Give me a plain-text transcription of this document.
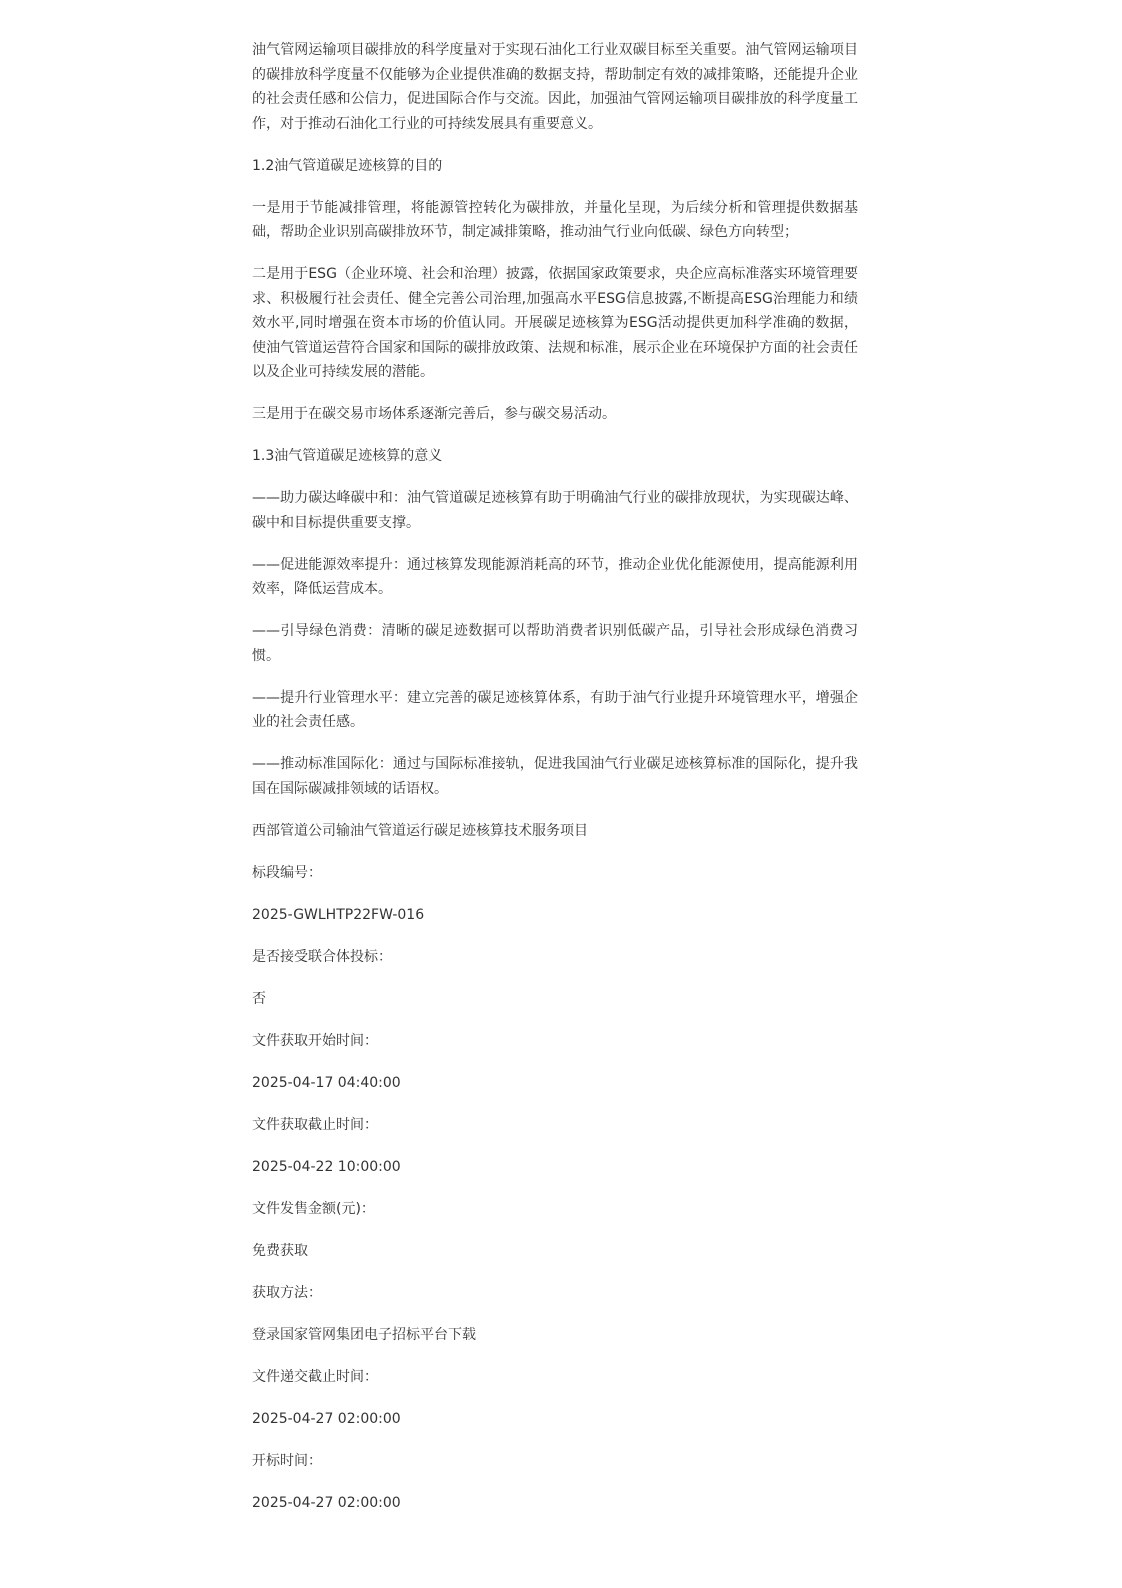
油气管网运输项目碳排放的科学度量对于实现石油化工行业双碳目标至关重要。油气管网运输项目的碳排放科学度量不仅能够为企业提供准确的数据支持，帮助制定有效的减排策略，还能提升企业的社会责任感和公信力，促进国际合作与交流。因此，加强油气管网运输项目碳排放的科学度量工作，对于推动石油化工行业的可持续发展具有重要意义。

1.2油气管道碳足迹核算的目的

一是用于节能减排管理，将能源管控转化为碳排放，并量化呈现，为后续分析和管理提供数据基础，帮助企业识别高碳排放环节，制定减排策略，推动油气行业向低碳、绿色方向转型；

二是用于ESG（企业环境、社会和治理）披露，依据国家政策要求，央企应高标准落实环境管理要求、积极履行社会责任、健全完善公司治理,加强高水平ESG信息披露,不断提高ESG治理能力和绩效水平,同时增强在资本市场的价值认同。开展碳足迹核算为ESG活动提供更加科学准确的数据，使油气管道运营符合国家和国际的碳排放政策、法规和标准，展示企业在环境保护方面的社会责任以及企业可持续发展的潜能。

三是用于在碳交易市场体系逐渐完善后，参与碳交易活动。

1.3油气管道碳足迹核算的意义

——助力碳达峰碳中和：油气管道碳足迹核算有助于明确油气行业的碳排放现状，为实现碳达峰、碳中和目标提供重要支撑。

——促进能源效率提升：通过核算发现能源消耗高的环节，推动企业优化能源使用，提高能源利用效率，降低运营成本。

——引导绿色消费：清晰的碳足迹数据可以帮助消费者识别低碳产品，引导社会形成绿色消费习惯。

——提升行业管理水平：建立完善的碳足迹核算体系，有助于油气行业提升环境管理水平，增强企业的社会责任感。

——推动标准国际化：通过与国际标准接轨，促进我国油气行业碳足迹核算标准的国际化，提升我国在国际碳减排领域的话语权。

西部管道公司输油气管道运行碳足迹核算技术服务项目

标段编号：

2025-GWLHTP22FW-016

是否接受联合体投标：

否

文件获取开始时间：

2025-04-17 04:40:00

文件获取截止时间：

2025-04-22 10:00:00

文件发售金额(元)：

免费获取

获取方法：

登录国家管网集团电子招标平台下载

文件递交截止时间：

2025-04-27 02:00:00

开标时间：

2025-04-27 02:00:00
